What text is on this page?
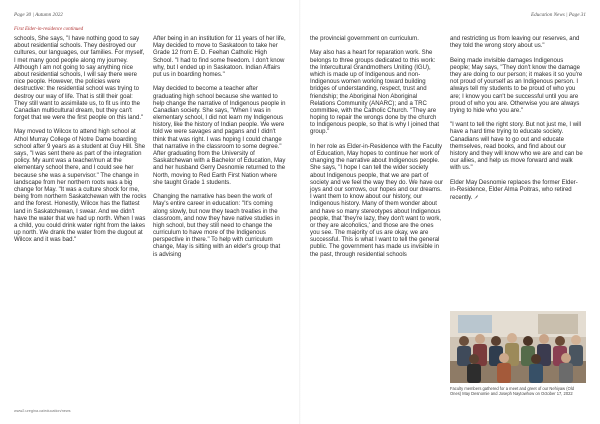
Page 30 | Autumn 2022
First Elder-in-residence continued

schools, She says, "I have nothing good to say about residential schools. They destroyed our cultures, our languages, our families. For myself, I met many good people along my journey. Although I am not going to say anything nice about residential schools, I will say there were nice people. However, the policies were destructive: the residential school was trying to destroy our way of life. That is still their goal: They still want to assimilate us, to fit us into the Canadian multicultural dream, but they can't forget that we were the first people on this land."

May moved to Wilcox to attend high school at Athol Murray College of Notre Dame boarding school after 9 years as a student at Guy Hill. She says, "I was sent there as part of the integration policy. My aunt was a teacher/nun at the elementary school there, and I could see her because she was a supervisor." The change in landscape from her northern roots was a big change for May. "It was a culture shock for me, being from northern Saskatchewan with the rocks and the forest. Honestly, Wilcox has the flattest land in Saskatchewan, I swear. And we didn't have the water that we had up north. When I was a child, you could drink water right from the lakes up north. We drank the water from the dugout at Wilcox and it was bad."

After being in an institution for 11 years of her life, May decided to move to Saskatoon to take her Grade 12 from E. D. Feehan Catholic High School. "I had to find some freedom. I don't know why, but I ended up in Saskatoon. Indian Affairs put us in boarding homes."

May decided to become a teacher after graduating high school because she wanted to help change the narrative of Indigenous people in Canadian society. She says, "When I was in elementary school, I did not learn my Indigenous history, like the history of Indian people. We were told we were savages and pagans and I didn't think that was right. I was hoping I could change that narrative in the classroom to some degree." After graduating from the University of Saskatchewan with a Bachelor of Education, May and her husband Gerry Desnomie returned to the North, moving to Red Earth First Nation where she taught Grade 1 students.

Changing the narrative has been the work of May's entire career in education: "It's coming along slowly, but now they teach treaties in the classroom, and now they have native studies in high school, but they still need to change the curriculum to have more of the Indigenous perspective in there." To help with curriculum change, May is sitting with an elder's group that is advising

www2.uregina.ca/education/news
Education News | Page 31

the provincial government on curriculum.

May also has a heart for reparation work. She belongs to three groups dedicated to this work: the Intercultural Grandmothers Uniting (IGU), which is made up of Indigenous and non-Indigenous women working toward building bridges of understanding, respect, trust and friendship; the Aboriginal Non Aboriginal Relations Community (ANARC); and a TRC committee, with the Catholic Church. "They are hoping to repair the wrongs done by the church to Indigenous people, so that is why I joined that group."

In her role as Elder-in-Residence with the Faculty of Education, May hopes to continue her work of changing the narrative about Indigenous people. She says, "I hope I can tell the wider society about Indigenous people, that we are part of society and we feel the way they do. We have our joys and our sorrows, our hopes and our dreams. I want them to know about our history, our Indigenous history. Many of them wonder about and have so many stereotypes about Indigenous people, that 'they're lazy, they don't want to work, or they are alcoholics,' and those are the ones you see. The majority of us are okay, we are successful. This is what I want to tell the general public. The government has made us invisible in the past, through residential schools

and restricting us from leaving our reserves, and they told the wrong story about us."

Being made invisible damages Indigenous people; May says, "They don't know the damage they are doing to our person; it makes it so you're not proud of yourself as an Indigenous person. I always tell my students to be proud of who you are; I know you can't be successful until you are proud of who you are. Otherwise you are always trying to hide who you are."

"I want to tell the right story. But not just me, I will have a hard time trying to educate society. Canadians will have to go out and educate themselves, read books, and find about our history and they will know who we are and can be our allies, and help us move forward and walk with us."

Elder May Desnomie replaces the former Elder-in-Residence, Elder Alma Poitras, who retired recently.

Faculty members gathered for a meet and greet of our Nehiyaw (Old Ones) May Desnomie and Joseph Naytowhow on October 17, 2022
